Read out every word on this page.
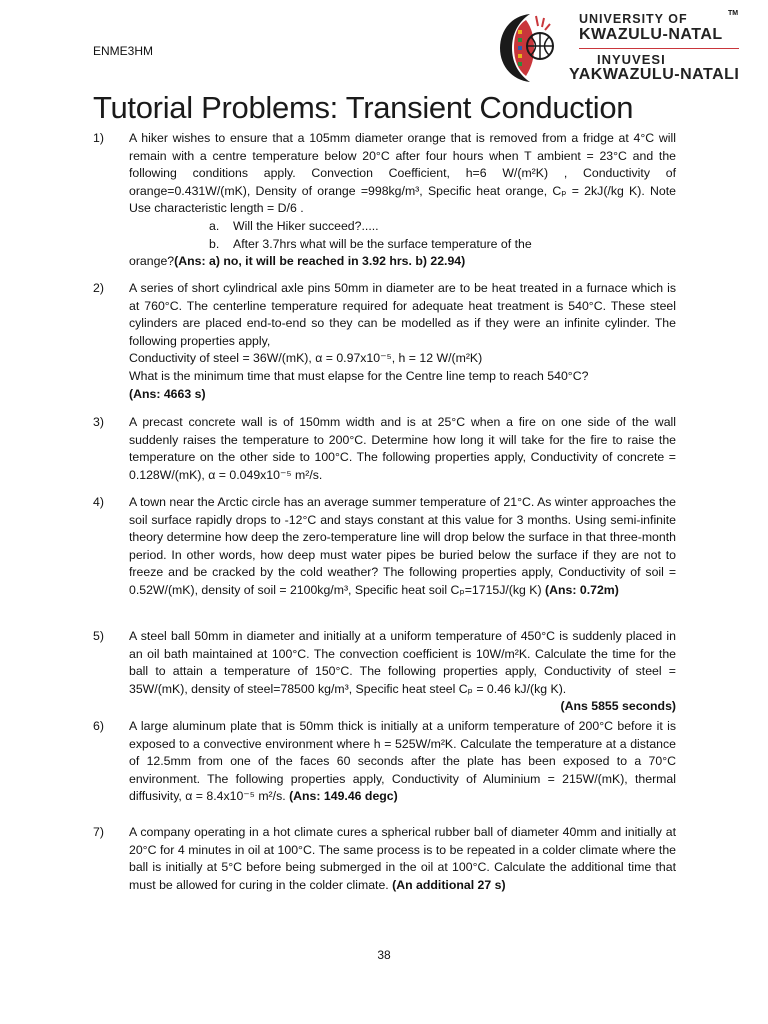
ENME3HM
UNIVERSITY OF	TM
KWAZULU-NATAL
INYUVESI
YAKWAZULU-NATALI
Tutorial Problems: Transient Conduction
1)	A hiker wishes to ensure that a 105mm diameter orange that is removed from a fridge at 4°C will remain with a centre temperature below 20°C after four hours when T ambient = 23°C and the following conditions apply. Convection Coefficient, h=6 W/(m²K) , Conductivity of orange=0.431W/(mK), Density of orange =998kg/m³, Specific heat orange, Cₚ = 2kJ(/kg K). Note Use characteristic length = D/6 .

a. Will the Hiker succeed?.....

b. After 3.7hrs what will be the surface temperature of the

orange?(Ans: a) no, it will be reached in 3.92 hrs. b) 22.94)

2)	A series of short cylindrical axle pins 50mm in diameter are to be heat treated in a furnace which is at 760°C. The centerline temperature required for adequate heat treatment is 540°C. These steel cylinders are placed end-to-end so they can be modelled as if they were an infinite cylinder. The following properties apply,

Conductivity of steel = 36W/(mK), α = 0.97x10⁻⁵, h = 12 W/(m²K)

What is the minimum time that must elapse for the Centre line temp to reach 540°C?

(Ans: 4663 s)

3)	A precast concrete wall is of 150mm width and is at 25°C when a fire on one side of the wall suddenly raises the temperature to 200°C. Determine how long it will take for the fire to raise the temperature on the other side to 100°C. The following properties apply, Conductivity of concrete = 0.128W/(mK), α = 0.049x10⁻⁵ m²/s.

4)	A town near the Arctic circle has an average summer temperature of 21°C. As winter approaches the soil surface rapidly drops to -12°C and stays constant at this value for 3 months. Using semi-infinite theory determine how deep the zero-temperature line will drop below the surface in that three-month period. In other words, how deep must water pipes be buried below the surface if they are not to freeze and be cracked by the cold weather? The following properties apply, Conductivity of soil = 0.52W/(mK), density of soil = 2100kg/m³, Specific heat soil Cₚ=1715J/(kg K) (Ans: 0.72m)

5)	A steel ball 50mm in diameter and initially at a uniform temperature of 450°C is suddenly placed in an oil bath maintained at 100°C. The convection coefficient is 10W/m²K. Calculate the time for the ball to attain a temperature of 150°C. The following properties apply, Conductivity of steel = 35W/(mK), density of steel=78500 kg/m³, Specific heat steel Cₚ = 0.46 kJ/(kg K).

(Ans 5855 seconds)

6)	A large aluminum plate that is 50mm thick is initially at a uniform temperature of 200°C before it is exposed to a convective environment where h = 525W/m²K. Calculate the temperature at a distance of 12.5mm from one of the faces 60 seconds after the plate has been exposed to a 70°C environment. The following properties apply, Conductivity of Aluminium = 215W/(mK), thermal diffusivity, α = 8.4x10⁻⁵ m²/s. (Ans: 149.46 degc)

7)	A company operating in a hot climate cures a spherical rubber ball of diameter 40mm and initially at 20°C for 4 minutes in oil at 100°C. The same process is to be repeated in a colder climate where the ball is initially at 5°C before being submerged in the oil at 100°C. Calculate the additional time that must be allowed for curing in the colder climate. (An additional 27 s)

38
